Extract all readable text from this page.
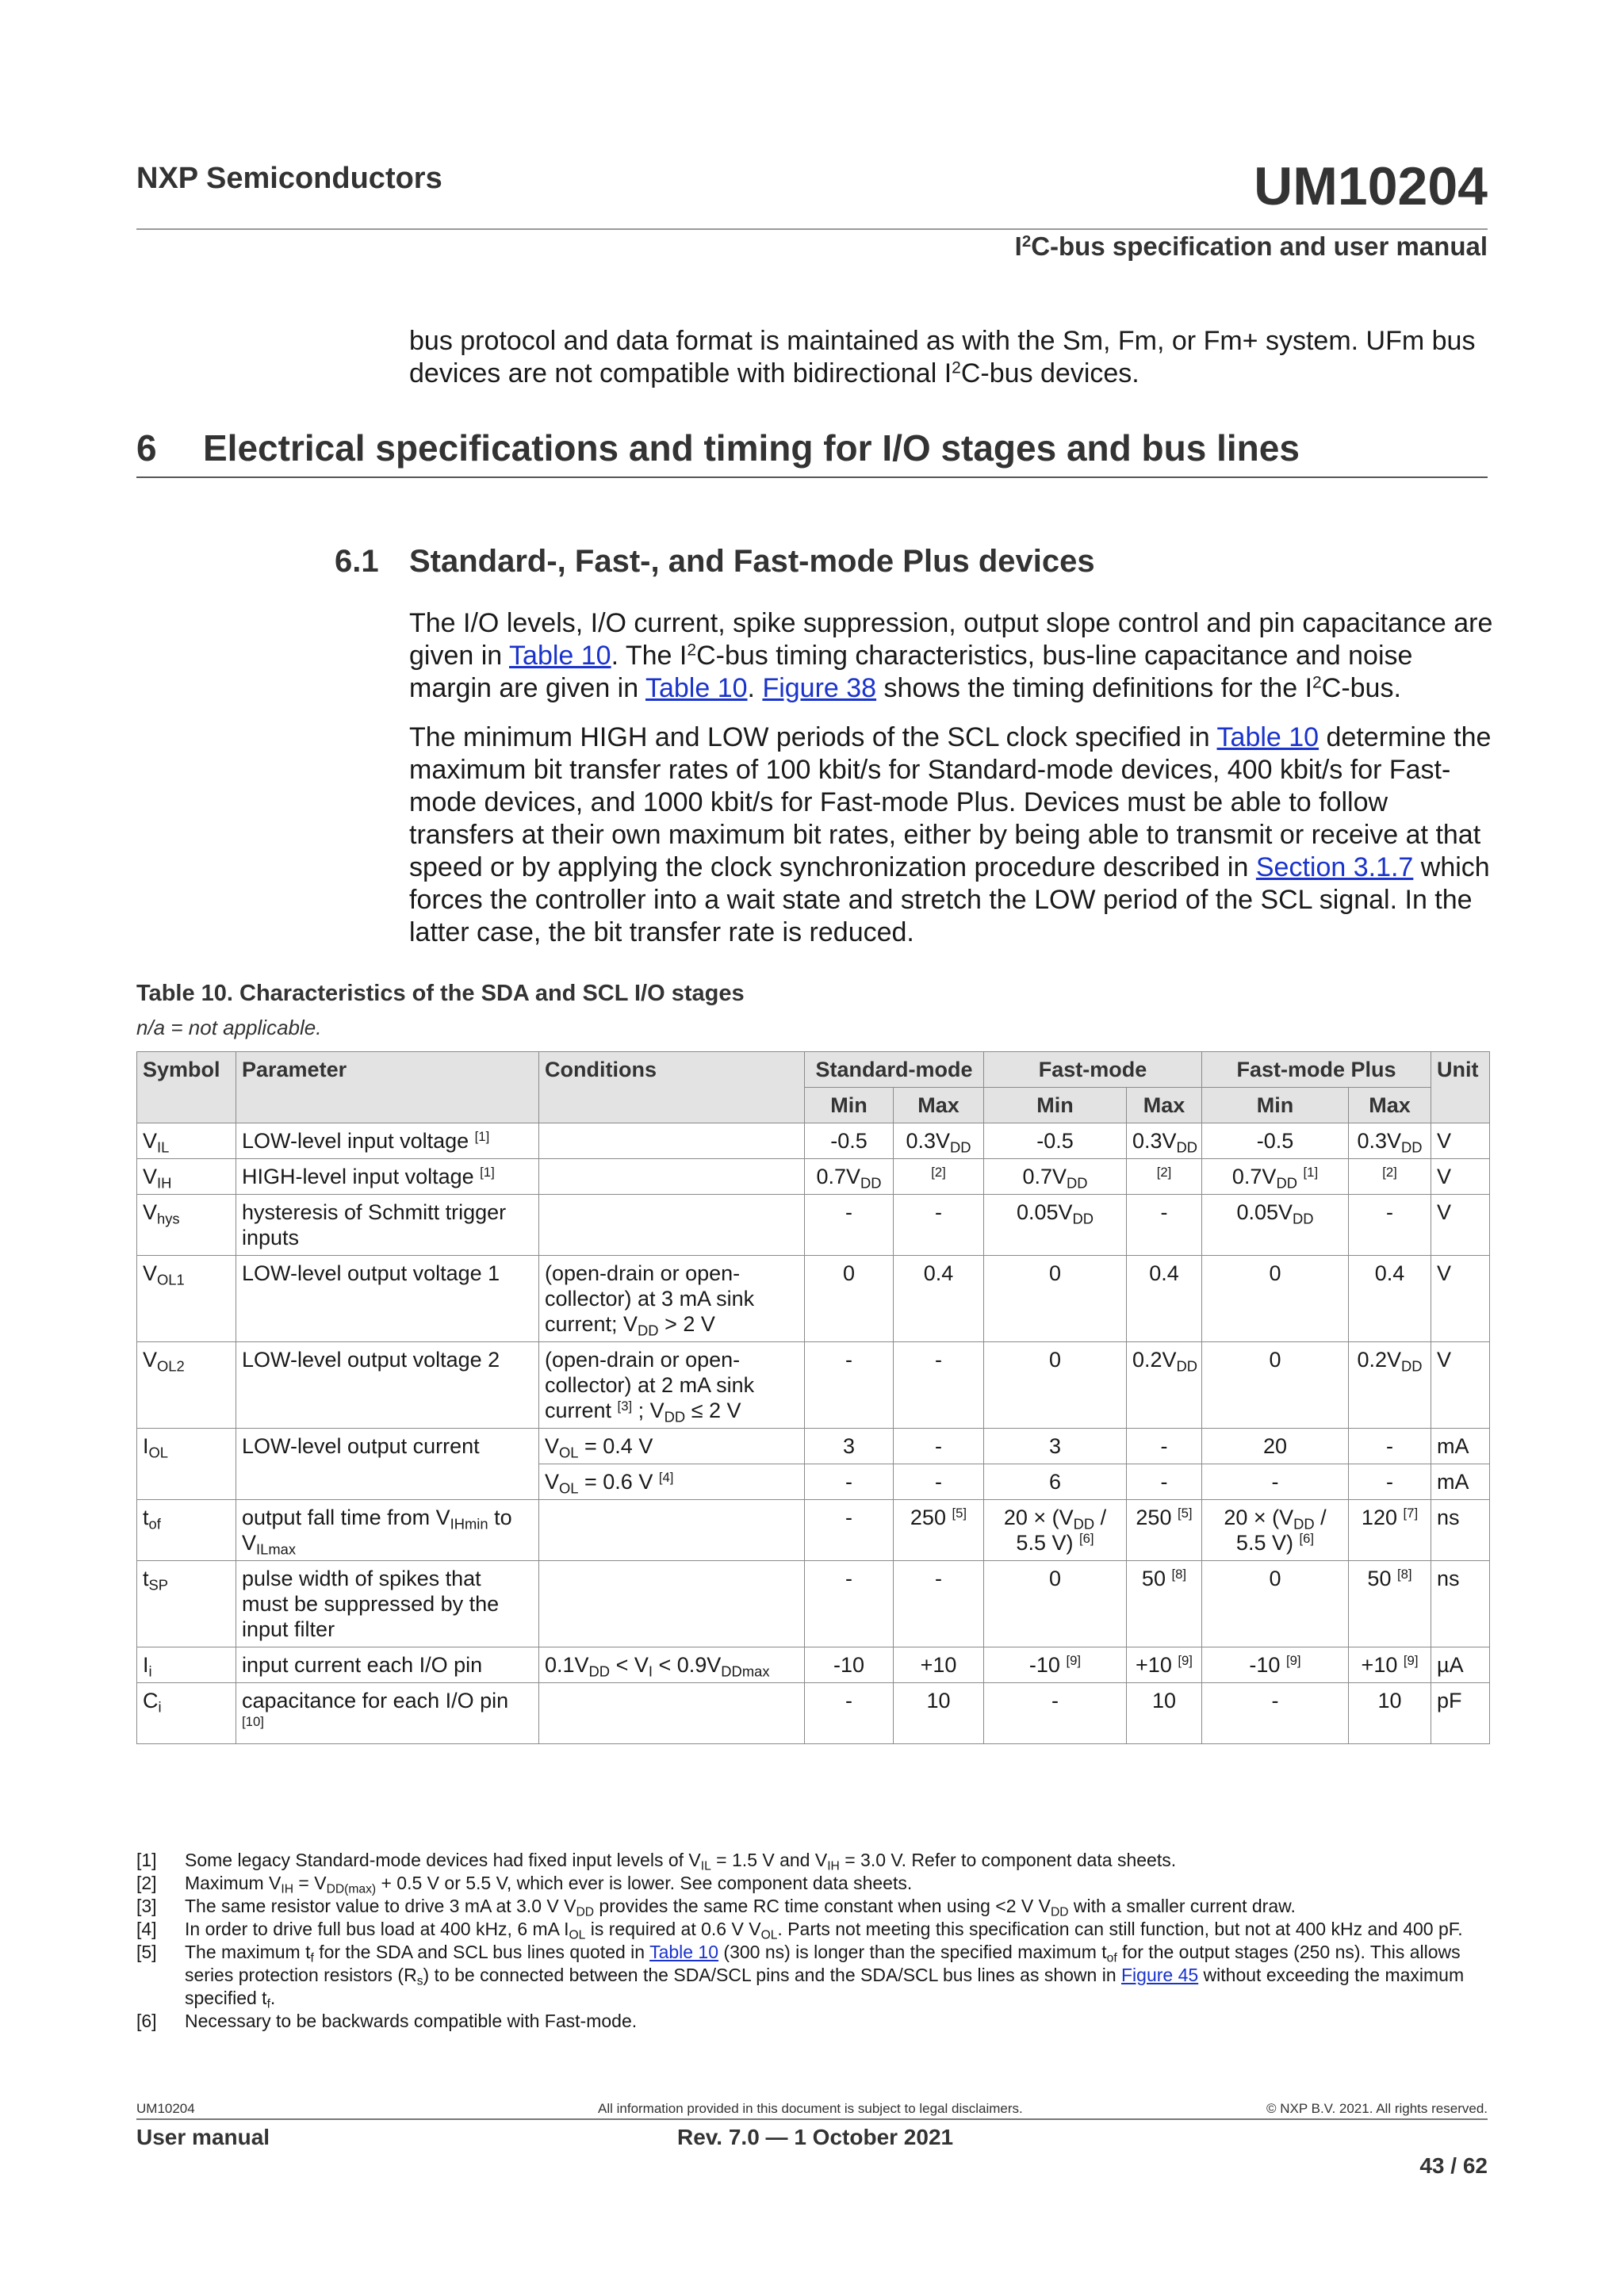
NXP Semiconductors	UM10204
$I^2C$-bus specification and user manual
bus protocol and data format is maintained as with the Sm, Fm, or Fm+ system. UFm bus
devices are not compatible with bidirectional $I^2C$-bus devices.
6 Electrical specifications and timing for I/O stages and bus lines
6.1 Standard-, Fast-, and Fast-mode Plus devices
The I/O levels, I/O current, spike suppression, output slope control and pin capacitance are given in Table 10. The $I^2C$-bus timing characteristics, bus-line capacitance and noise margin are given in Table 10. Figure 38 shows the timing definitions for the $I^2C$-bus.
The minimum HIGH and LOW periods of the SCL clock specified in Table 10 determine the maximum bit transfer rates of 100 kbit/s for Standard-mode devices, 400 kbit/s for Fast-mode devices, and 1000 kbit/s for Fast-mode Plus. Devices must be able to follow transfers at their own maximum bit rates, either by being able to transmit or receive at that speed or by applying the clock synchronization procedure described in Section 3.1.7 which forces the controller into a wait state and stretch the LOW period of the SCL signal. In the latter case, the bit transfer rate is reduced.
Table 10. Characteristics of the SDA and SCL I/O stages
n/a = not applicable.
Symbol	Parameter	Conditions	Standard-mode		Fast-mode		Fast-mode Plus		Unit
			Min	Max	Min	Max	Min	Max	
$V_{IL}$	LOW-level input voltage [1]		-0.5	$0.3V_{DD}$	-0.5	$0.3V_{DD}$	-0.5	$0.3V_{DD}$	V
$V_{IH}$	HIGH-level input voltage [1]		$0.7V_{DD}$	[2]	$0.7V_{DD}$	[2]	$0.7V_{DD}$ [1]	[2]	V
$V_{hys}$	hysteresis of Schmitt trigger inputs		-	-	$0.05V_{DD}$	-	$0.05V_{DD}$	-	V
$V_{OL1}$	LOW-level output voltage 1	(open-drain or open-collector) at 3 mA sink current; $V_{DD} > 2$ V	0	0.4	0	0.4	0	0.4	V
$V_{OL2}$	LOW-level output voltage 2	(open-drain or open-collector) at 2 mA sink current [3] ; $V_{DD} \le 2$ V	-	-	0	$0.2V_{DD}$	0	$0.2V_{DD}$	V
$I_{OL}$	LOW-level output current	$V_{OL} = 0.4$ V	3	-	3	-	20	-	mA
		$V_{OL} = 0.6$ V [4]	-	-	6	-	-	-	mA
$t_{of}$	output fall time from $V_{IHmin}$ to $V_{ILmax}$		-	250 [5]	$20 \times (V_{DD} / 5.5$ V) [6]	250 [5]	$20 \times (V_{DD} / 5.5$ V) [6]	120 [7]	ns
$t_{SP}$	pulse width of spikes that must be suppressed by the input filter		-	-	0	50 [8]	0	50 [8]	ns
$I_i$	input current each I/O pin	$0.1V_{DD} < V_I < 0.9V_{DDmax}$	-10	+10	-10 [9]	+10 [9]	-10 [9]	+10 [9]	µA
$C_i$	capacitance for each I/O pin [10]		-	10	-	10	-	10	pF
[1]	Some legacy Standard-mode devices had fixed input levels of $V_{IL} = 1.5$ V and $V_{IH} = 3.0$ V. Refer to component data sheets.
[2]	Maximum $V_{IH} = V_{DD(max)} + 0.5$ V or 5.5 V, which ever is lower. See component data sheets.
[3]	The same resistor value to drive 3 mA at 3.0 V $V_{DD}$ provides the same RC time constant when using <2 V $V_{DD}$ with a smaller current draw.
[4]	In order to drive full bus load at 400 kHz, 6 mA $I_{OL}$ is required at 0.6 V $V_{OL}$. Parts not meeting this specification can still function, but not at 400 kHz and 400 pF.
[5]	The maximum $t_f$ for the SDA and SCL bus lines quoted in Table 10 (300 ns) is longer than the specified maximum $t_{of}$ for the output stages (250 ns). This allows series protection resistors $(R_s)$ to be connected between the SDA/SCL pins and the SDA/SCL bus lines as shown in Figure 45 without exceeding the maximum specified $t_f$.
[6]	Necessary to be backwards compatible with Fast-mode.
UM10204	All information provided in this document is subject to legal disclaimers.	© NXP B.V. 2021. All rights reserved.
User manual	Rev. 7.0 — 1 October 2021
43 / 62
